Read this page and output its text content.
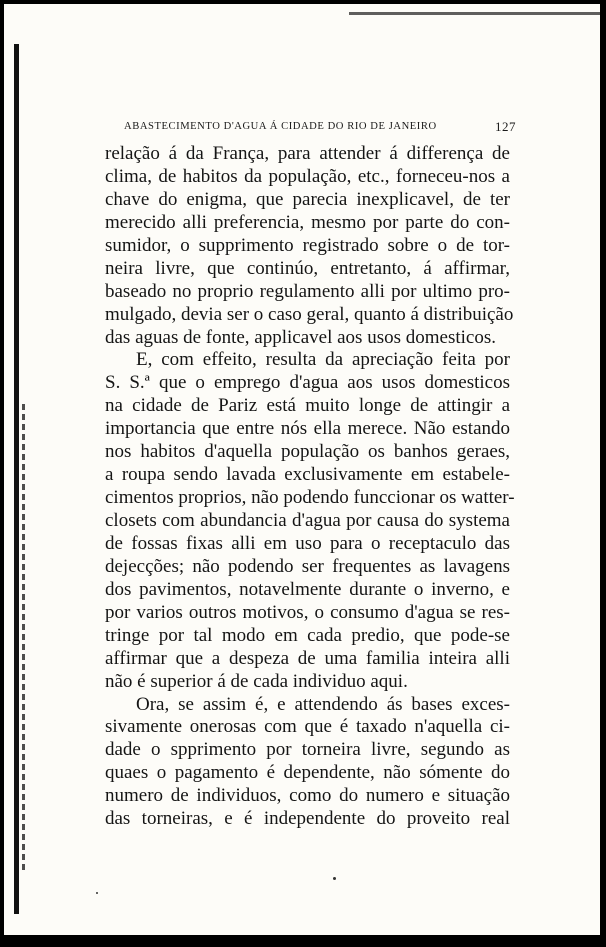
ABASTECIMENTO D'AGUA Á CIDADE DO RIO DE JANEIRO	127
relação á da França, para attender á differença de
clima, de habitos da população, etc., forneceu-nos a
chave do enigma, que parecia inexplicavel, de ter
merecido alli preferencia, mesmo por parte do con-
sumidor, o supprimento registrado sobre o de tor-
neira livre, que continúo, entretanto, á affirmar,
baseado no proprio regulamento alli por ultimo pro-
mulgado, devia ser o caso geral, quanto á distribuição
das aguas de fonte, applicavel aos usos domesticos.
E, com effeito, resulta da apreciação feita por
S. S.ª que o emprego d'agua aos usos domesticos
na cidade de Pariz está muito longe de attingir a
importancia que entre nós ella merece. Não estando
nos habitos d'aquella população os banhos geraes,
a roupa sendo lavada exclusivamente em estabele-
cimentos proprios, não podendo funccionar os watter-
closets com abundancia d'agua por causa do systema
de fossas fixas alli em uso para o receptaculo das
dejecções; não podendo ser frequentes as lavagens
dos pavimentos, notavelmente durante o inverno, e
por varios outros motivos, o consumo d'agua se res-
tringe por tal modo em cada predio, que pode-se
affirmar que a despeza de uma familia inteira alli
não é superior á de cada individuo aqui.
Ora, se assim é, e attendendo ás bases exces-
sivamente onerosas com que é taxado n'aquella ci-
dade o spprimento por torneira livre, segundo as
quaes o pagamento é dependente, não sómente do
numero de individuos, como do numero e situação
das torneiras, e é independente do proveito real
